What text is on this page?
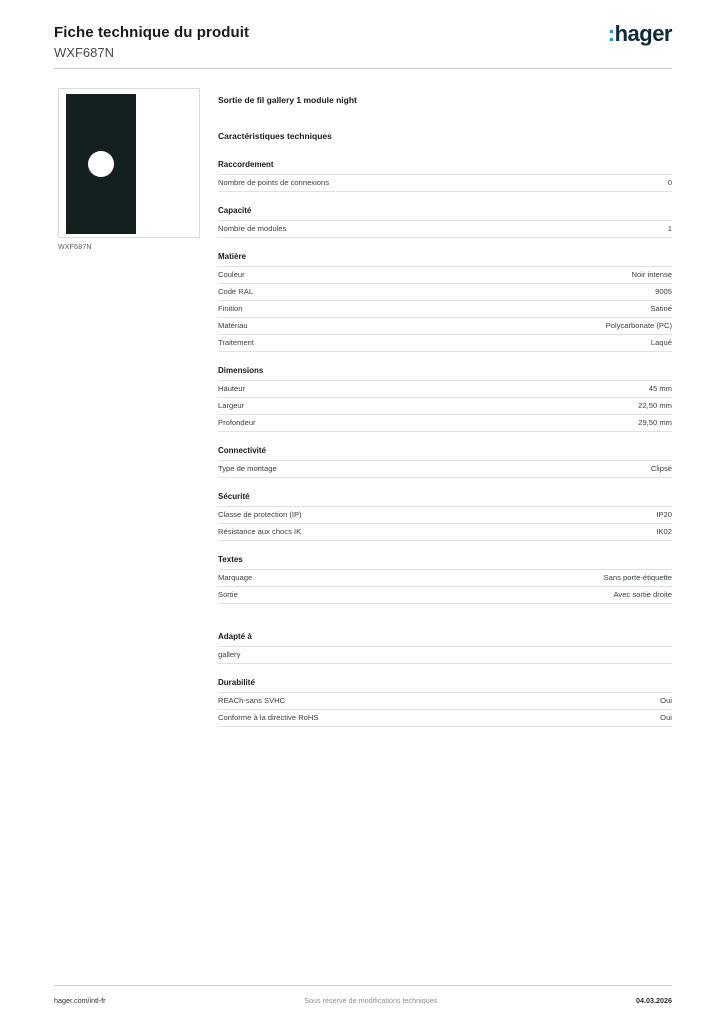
Fiche technique du produit
WXF687N
:hager
WXF687N
Sortie de fil gallery 1 module night
Caractéristiques techniques
Raccordement
Nombre de points de connexions	0
Capacité
Nombre de modules	1
Matière
Couleur	Noir intense
Code RAL	9005
Finition	Satiné
Matériau	Polycarbonate (PC)
Traitement	Laqué
Dimensions
Hauteur	45 mm
Largeur	22,50 mm
Profondeur	29,50 mm
Connectivité
Type de montage	Clipsé
Sécurité
Classe de protection (IP)	IP20
Résistance aux chocs IK	IK02
Textes
Marquage	Sans porte-étiquette
Sortie	Avec sortie droite
Adapté à
gallery
Durabilité
REACh-sans SVHC	Oui
Conforme à la directive RoHS	Oui
hager.com/intl-fr	Sous réserve de modifications techniques	04.03.2026
